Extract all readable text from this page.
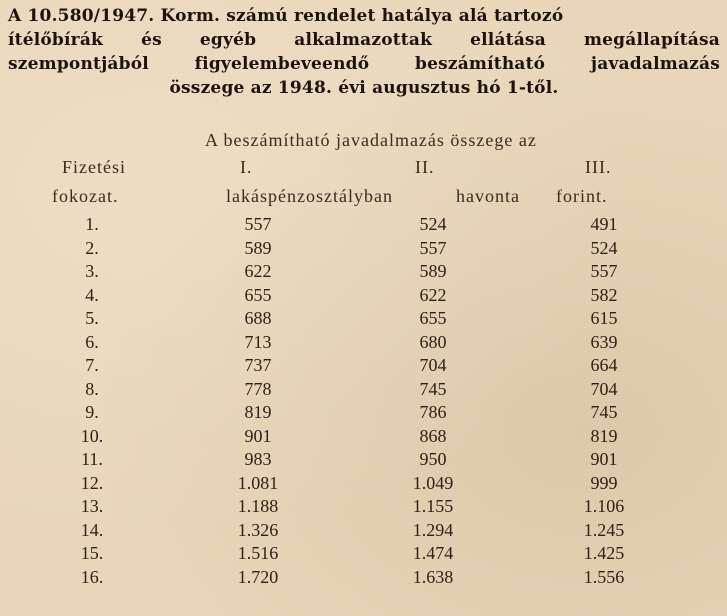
A 10.580/1947. Korm. számú rendelet hatálya alá tartozó
ítélőbírák és egyéb alkalmazottak ellátása megállapítása
szempontjából figyelembeveendő beszámítható javadalmazás
összege az 1948. évi augusztus hó 1-től.
A beszámítható javadalmazás összege az
Fizetési
fokozat.
I.	II.	III.
lakáspénzosztályban	havonta forint.
1.	557	524	491
2.	589	557	524
3.	622	589	557
4.	655	622	582
5.	688	655	615
6.	713	680	639
7.	737	704	664
8.	778	745	704
9.	819	786	745
10.	901	868	819
11.	983	950	901
12.	1.081	1.049	999
13.	1.188	1.155	1.106
14.	1.326	1.294	1.245
15.	1.516	1.474	1.425
16.	1.720	1.638	1.556
